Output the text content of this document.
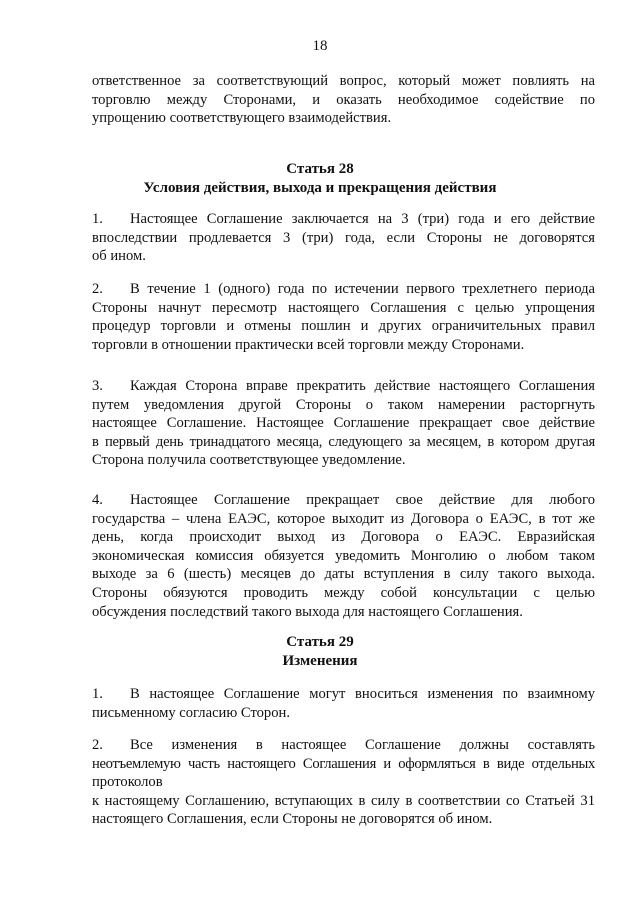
18
ответственное за соответствующий вопрос, который может повлиять на
торговлю между Сторонами, и оказать необходимое содействие по
упрощению соответствующего взаимодействия.
Статья 28
Условия действия, выхода и прекращения действия
1. Настоящее Соглашение заключается на 3 (три) года и его действие
впоследствии продлевается 3 (три) года, если Стороны не договорятся
об ином.
2. В течение 1 (одного) года по истечении первого трехлетнего периода
Стороны начнут пересмотр настоящего Соглашения с целью упрощения
процедур торговли и отмены пошлин и других ограничительных правил
торговли в отношении практически всей торговли между Сторонами.
3. Каждая Сторона вправе прекратить действие настоящего Соглашения
путем уведомления другой Стороны о таком намерении расторгнуть
настоящее Соглашение. Настоящее Соглашение прекращает свое действие
в первый день тринадцатого месяца, следующего за месяцем, в котором другая
Сторона получила соответствующее уведомление.
4. Настоящее Соглашение прекращает свое действие для любого
государства – члена ЕАЭС, которое выходит из Договора о ЕАЭС, в тот же
день, когда происходит выход из Договора о ЕАЭС. Евразийская
экономическая комиссия обязуется уведомить Монголию о любом таком
выходе за 6 (шесть) месяцев до даты вступления в силу такого выхода.
Стороны обязуются проводить между собой консультации с целью
обсуждения последствий такого выхода для настоящего Соглашения.
Статья 29
Изменения
1. В настоящее Соглашение могут вноситься изменения по взаимному
письменному согласию Сторон.
2. Все изменения в настоящее Соглашение должны составлять
неотъемлемую часть настоящего Соглашения и оформляться в виде отдельных
протоколов
к настоящему Соглашению, вступающих в силу в соответствии со Статьей 31
настоящего Соглашения, если Стороны не договорятся об ином.
